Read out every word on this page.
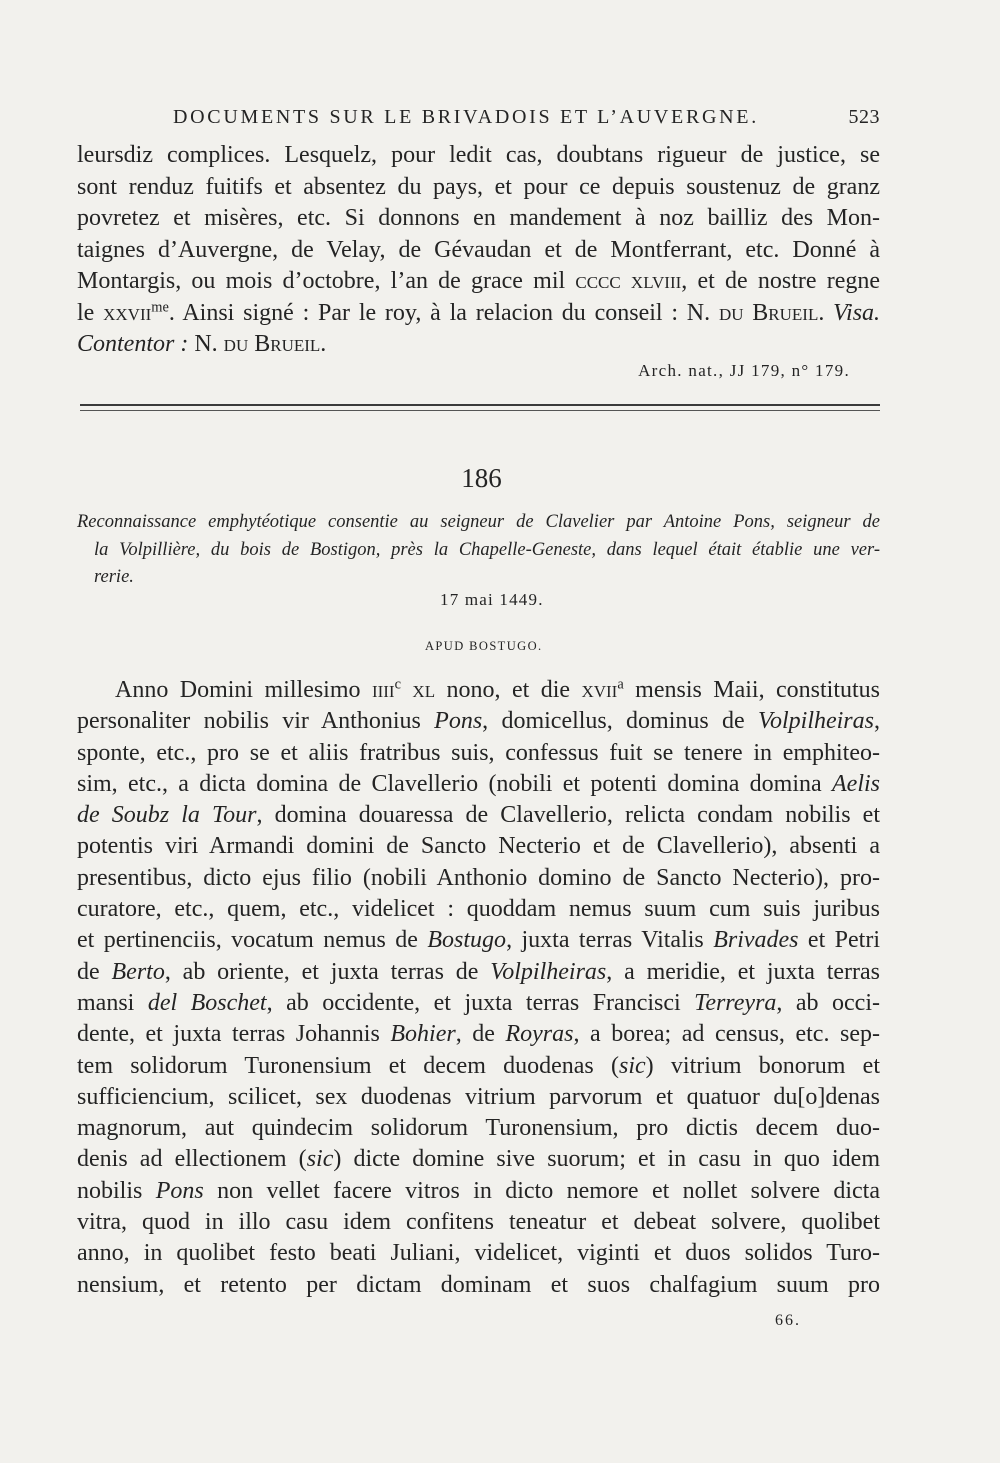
DOCUMENTS SUR LE BRIVADOIS ET L’AUVERGNE.	523
leursdiz complices. Lesquelz, pour ledit cas, doubtans rigueur de justice, se
sont renduz fuitifs et absentez du pays, et pour ce depuis soustenuz de granz
povretez et misères, etc. Si donnons en mandement à noz bailliz des Mon-
taignes d’Auvergne, de Velay, de Gévaudan et de Montferrant, etc. Donné à
Montargis, ou mois d’octobre, l’an de grace mil cccc xlviii, et de nostre regne
le xxvii$^{me}$. Ainsi signé : Par le roy, à la relacion du conseil : N. du Brueil. Visa.
Contentor : N. du Brueil.
Arch. nat., JJ 179, n° 179.
186
Reconnaissance emphytéotique consentie au seigneur de Clavelier par Antoine Pons, seigneur de
la Volpillière, du bois de Bostigon, près la Chapelle-Geneste, dans lequel était établie une ver-
rerie.
17 mai 1449.
APUD BOSTUGO.
Anno Domini millesimo iiii$^c$ xl nono, et die xvii$^a$ mensis Maii, constitutus
personaliter nobilis vir Anthonius Pons, domicellus, dominus de Volpilheiras,
sponte, etc., pro se et aliis fratribus suis, confessus fuit se tenere in emphiteo-
sim, etc., a dicta domina de Clavellerio (nobili et potenti domina domina Aelis
de Soubz la Tour, domina douaressa de Clavellerio, relicta condam nobilis et
potentis viri Armandi domini de Sancto Necterio et de Clavellerio), absenti a
presentibus, dicto ejus filio (nobili Anthonio domino de Sancto Necterio), pro-
curatore, etc., quem, etc., videlicet : quoddam nemus suum cum suis juribus
et pertinenciis, vocatum nemus de Bostugo, juxta terras Vitalis Brivades et Petri
de Berto, ab oriente, et juxta terras de Volpilheiras, a meridie, et juxta terras
mansi del Boschet, ab occidente, et juxta terras Francisci Terreyra, ab occi-
dente, et juxta terras Johannis Bohier, de Royras, a borea; ad census, etc. sep-
tem solidorum Turonensium et decem duodenas (sic) vitrium bonorum et
sufficiencium, scilicet, sex duodenas vitrium parvorum et quatuor du[o]denas
magnorum, aut quindecim solidorum Turonensium, pro dictis decem duo-
denis ad ellectionem (sic) dicte domine sive suorum; et in casu in quo idem
nobilis Pons non vellet facere vitros in dicto nemore et nollet solvere dicta
vitra, quod in illo casu idem confitens teneatur et debeat solvere, quolibet
anno, in quolibet festo beati Juliani, videlicet, viginti et duos solidos Turo-
nensium, et retento per dictam dominam et suos chalfagium suum pro
66.
